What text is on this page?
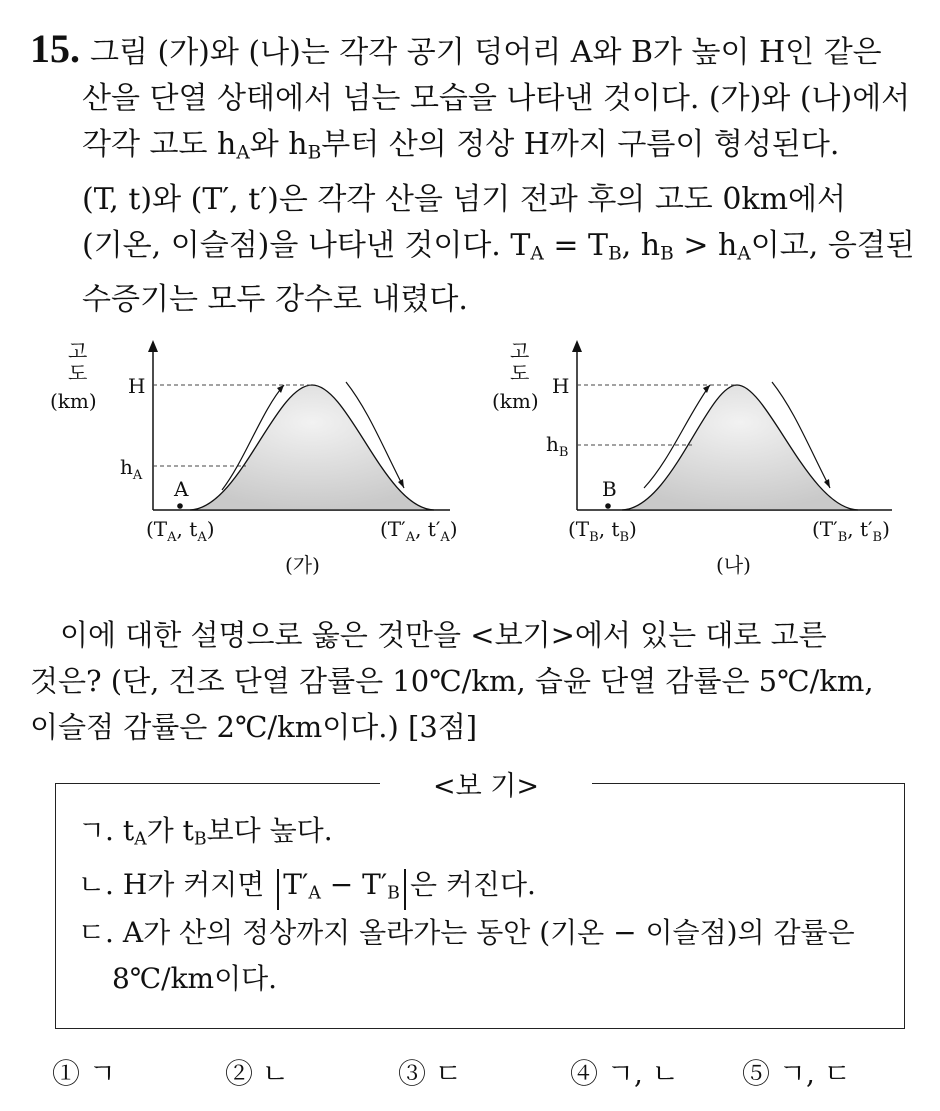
15. 그림 (가)와 (나)는 각각 공기 덩어리 A와 B가 높이 H인 같은
산을 단열 상태에서 넘는 모습을 나타낸 것이다. (가)와 (나)에서
각각 고도 $h_A$와 $h_B$부터 산의 정상 H까지 구름이 형성된다.
(T, t)와 (T′, t′)은 각각 산을 넘기 전과 후의 고도 0km에서
(기온, 이슬점)을 나타낸 것이다. $T_A = T_B$, $h_B > h_A$이고, 응결된
수증기는 모두 강수로 내렸다.
고
도
(km)
H
$h_A$
A
($T_A$, $t_A$)	($T'_A$, $t'_A$)
(가)
고
도
(km)
H
$h_B$
B
($T_B$, $t_B$)	($T'_B$, $t'_B$)
(나)
이에 대한 설명으로 옳은 것만을 <보기>에서 있는 대로 고른
것은? (단, 건조 단열 감률은 10℃/km, 습윤 단열 감률은 5℃/km,
이슬점 감률은 2℃/km이다.) [3점]
<보 기>
ㄱ. $t_A$가 $t_B$보다 높다.
ㄴ. H가 커지면 $T'_A - T'_B$ 은 커진다.
ㄷ. A가 산의 정상까지 올라가는 동안 (기온 − 이슬점)의 감률은
8℃/km이다.
① ㄱ	② ㄴ	③ ㄷ	④ ㄱ, ㄴ ⑤ ㄱ, ㄷ
